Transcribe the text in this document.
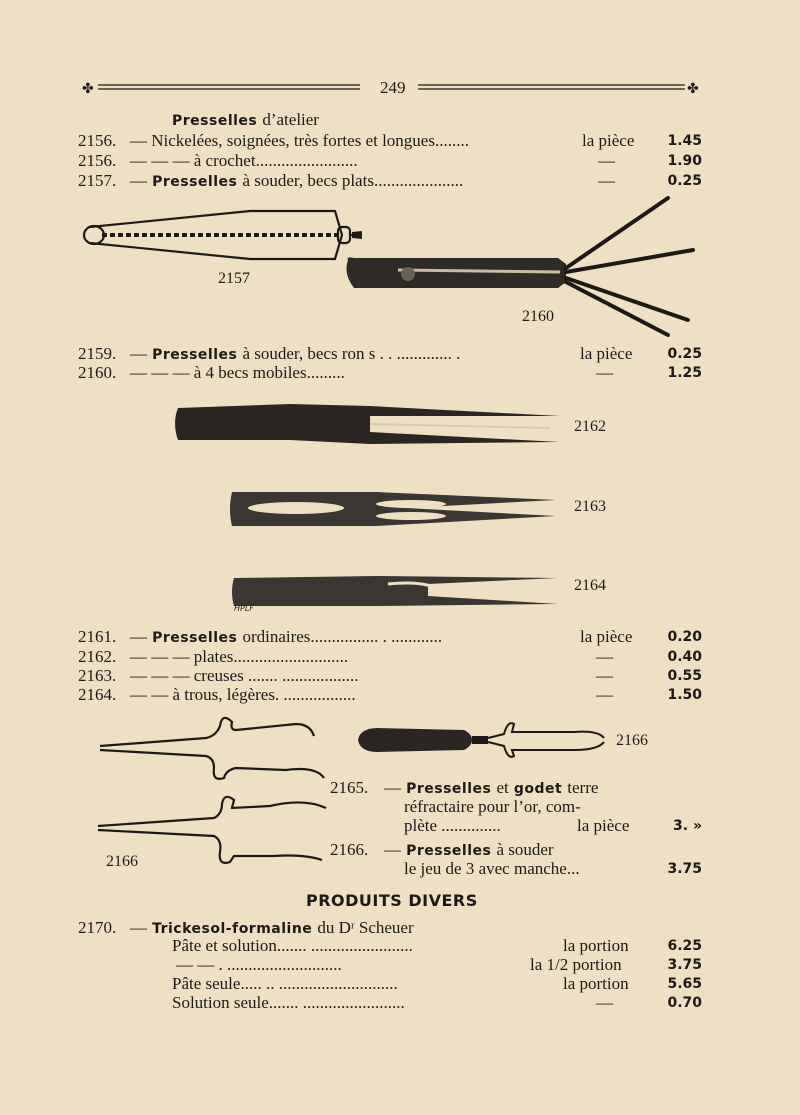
✤	✤
249
Presselles d’atelier
2156. — Nickelées, soignées, très fortes et longues........	la pièce	1.45
2156. — — — à crochet........................	—	1.90
2157. — Presselles à souder, becs plats.....................	—	0.25
2157
2160
2159. — Presselles à souder, becs ron s . . ............. .	la pièce	0.25
2160. — — — à 4 becs mobiles.........	—	1.25
2162
2163
HPLF
2164
2161. — Presselles ordinaires................ . ............	la pièce	0.20
2162. — — — plates...........................	—	0.40
2163. — — — creuses ....... ..................	—	0.55
2164. — — à trous, légères. .................	—	1.50
2166
2166
2165. — Presselles et godet terre
réfractaire pour l’or, com-
plète ..............	la pièce	3. »
2166. — Presselles à souder
le jeu de 3 avec manche...	3.75
PRODUITS DIVERS
2170. — Trickesol-formaline du Dʳ Scheuer
Pâte et solution....... ........................	la portion	6.25
— — . ...........................	la 1/2 portion	3.75
Pâte seule..... .. ............................	la portion	5.65
Solution seule....... ........................	—	0.70
